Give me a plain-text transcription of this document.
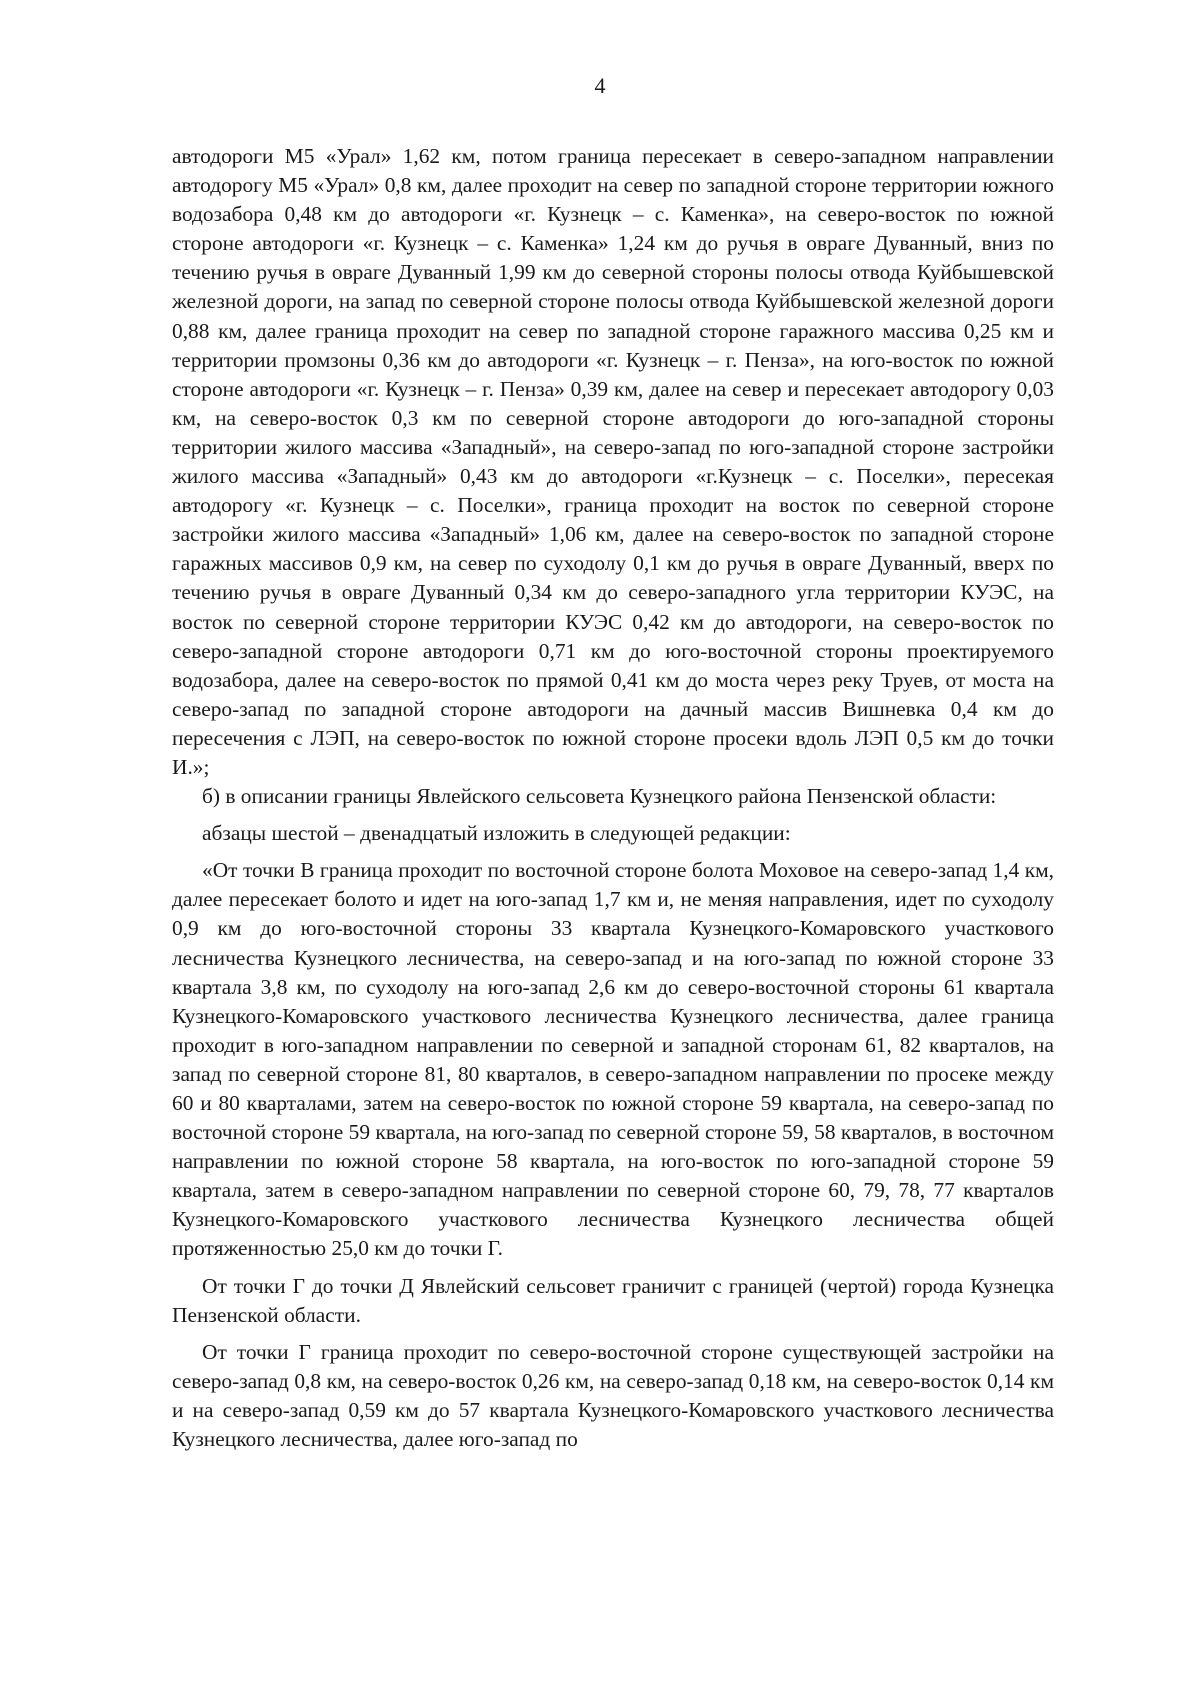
4

автодороги М5 «Урал» 1,62 км, потом граница пересекает в северо-западном направлении автодорогу М5 «Урал» 0,8 км, далее проходит на север по западной стороне территории южного водозабора 0,48 км до автодороги «г. Кузнецк – с. Каменка», на северо-восток по южной стороне автодороги «г. Кузнецк – с. Каменка» 1,24 км до ручья в овраге Дуванный, вниз по течению ручья в овраге Дуванный 1,99 км до северной стороны полосы отвода Куйбышевской железной дороги, на запад по северной стороне полосы отвода Куйбышевской железной дороги 0,88 км, далее граница проходит на север по западной стороне гаражного массива 0,25 км и территории промзоны 0,36 км до автодороги «г. Кузнецк – г. Пенза», на юго-восток по южной стороне автодороги «г. Кузнецк – г. Пенза» 0,39 км, далее на север и пересекает автодорогу 0,03 км, на северо-восток 0,3 км по северной стороне автодороги до юго-западной стороны территории жилого массива «Западный», на северо-запад по юго-западной стороне застройки жилого массива «Западный» 0,43 км до автодороги «г.Кузнецк – с. Поселки», пересекая автодорогу «г. Кузнецк – с. Поселки», граница проходит на восток по северной стороне застройки жилого массива «Западный» 1,06 км, далее на северо-восток по западной стороне гаражных массивов 0,9 км, на север по суходолу 0,1 км до ручья в овраге Дуванный, вверх по течению ручья в овраге Дуванный 0,34 км до северо-западного угла территории КУЭС, на восток по северной стороне территории КУЭС 0,42 км до автодороги, на северо-восток по северо-западной стороне автодороги 0,71 км до юго-восточной стороны проектируемого водозабора, далее на северо-восток по прямой 0,41 км до моста через реку Труев, от моста на северо-запад по западной стороне автодороги на дачный массив Вишневка 0,4 км до пересечения с ЛЭП, на северо-восток по южной стороне просеки вдоль ЛЭП 0,5 км до точки И.»;

б) в описании границы Явлейского сельсовета Кузнецкого района Пензенской области:

абзацы шестой – двенадцатый изложить в следующей редакции:

«От точки В граница проходит по восточной стороне болота Моховое на северо-запад 1,4 км, далее пересекает болото и идет на юго-запад 1,7 км и, не меняя направления, идет по суходолу 0,9 км до юго-восточной стороны 33 квартала Кузнецкого-Комаровского участкового лесничества Кузнецкого лесничества, на северо-запад и на юго-запад по южной стороне 33 квартала 3,8 км, по суходолу на юго-запад 2,6 км до северо-восточной стороны 61 квартала Кузнецкого-Комаровского участкового лесничества Кузнецкого лесничества, далее граница проходит в юго-западном направлении по северной и западной сторонам 61, 82 кварталов, на запад по северной стороне 81, 80 кварталов, в северо-западном направлении по просеке между 60 и 80 кварталами, затем на северо-восток по южной стороне 59 квартала, на северо-запад по восточной стороне 59 квартала, на юго-запад по северной стороне 59, 58 кварталов, в восточном направлении по южной стороне 58 квартала, на юго-восток по юго-западной стороне 59 квартала, затем в северо-западном направлении по северной стороне 60, 79, 78, 77 кварталов Кузнецкого-Комаровского участкового лесничества Кузнецкого лесничества общей протяженностью 25,0 км до точки Г.

От точки Г до точки Д Явлейский сельсовет граничит с границей (чертой) города Кузнецка Пензенской области.

От точки Г граница проходит по северо-восточной стороне существующей застройки на северо-запад 0,8 км, на северо-восток 0,26 км, на северо-запад 0,18 км, на северо-восток 0,14 км и на северо-запад 0,59 км до 57 квартала Кузнецкого-Комаровского участкового лесничества Кузнецкого лесничества, далее юго-запад по
